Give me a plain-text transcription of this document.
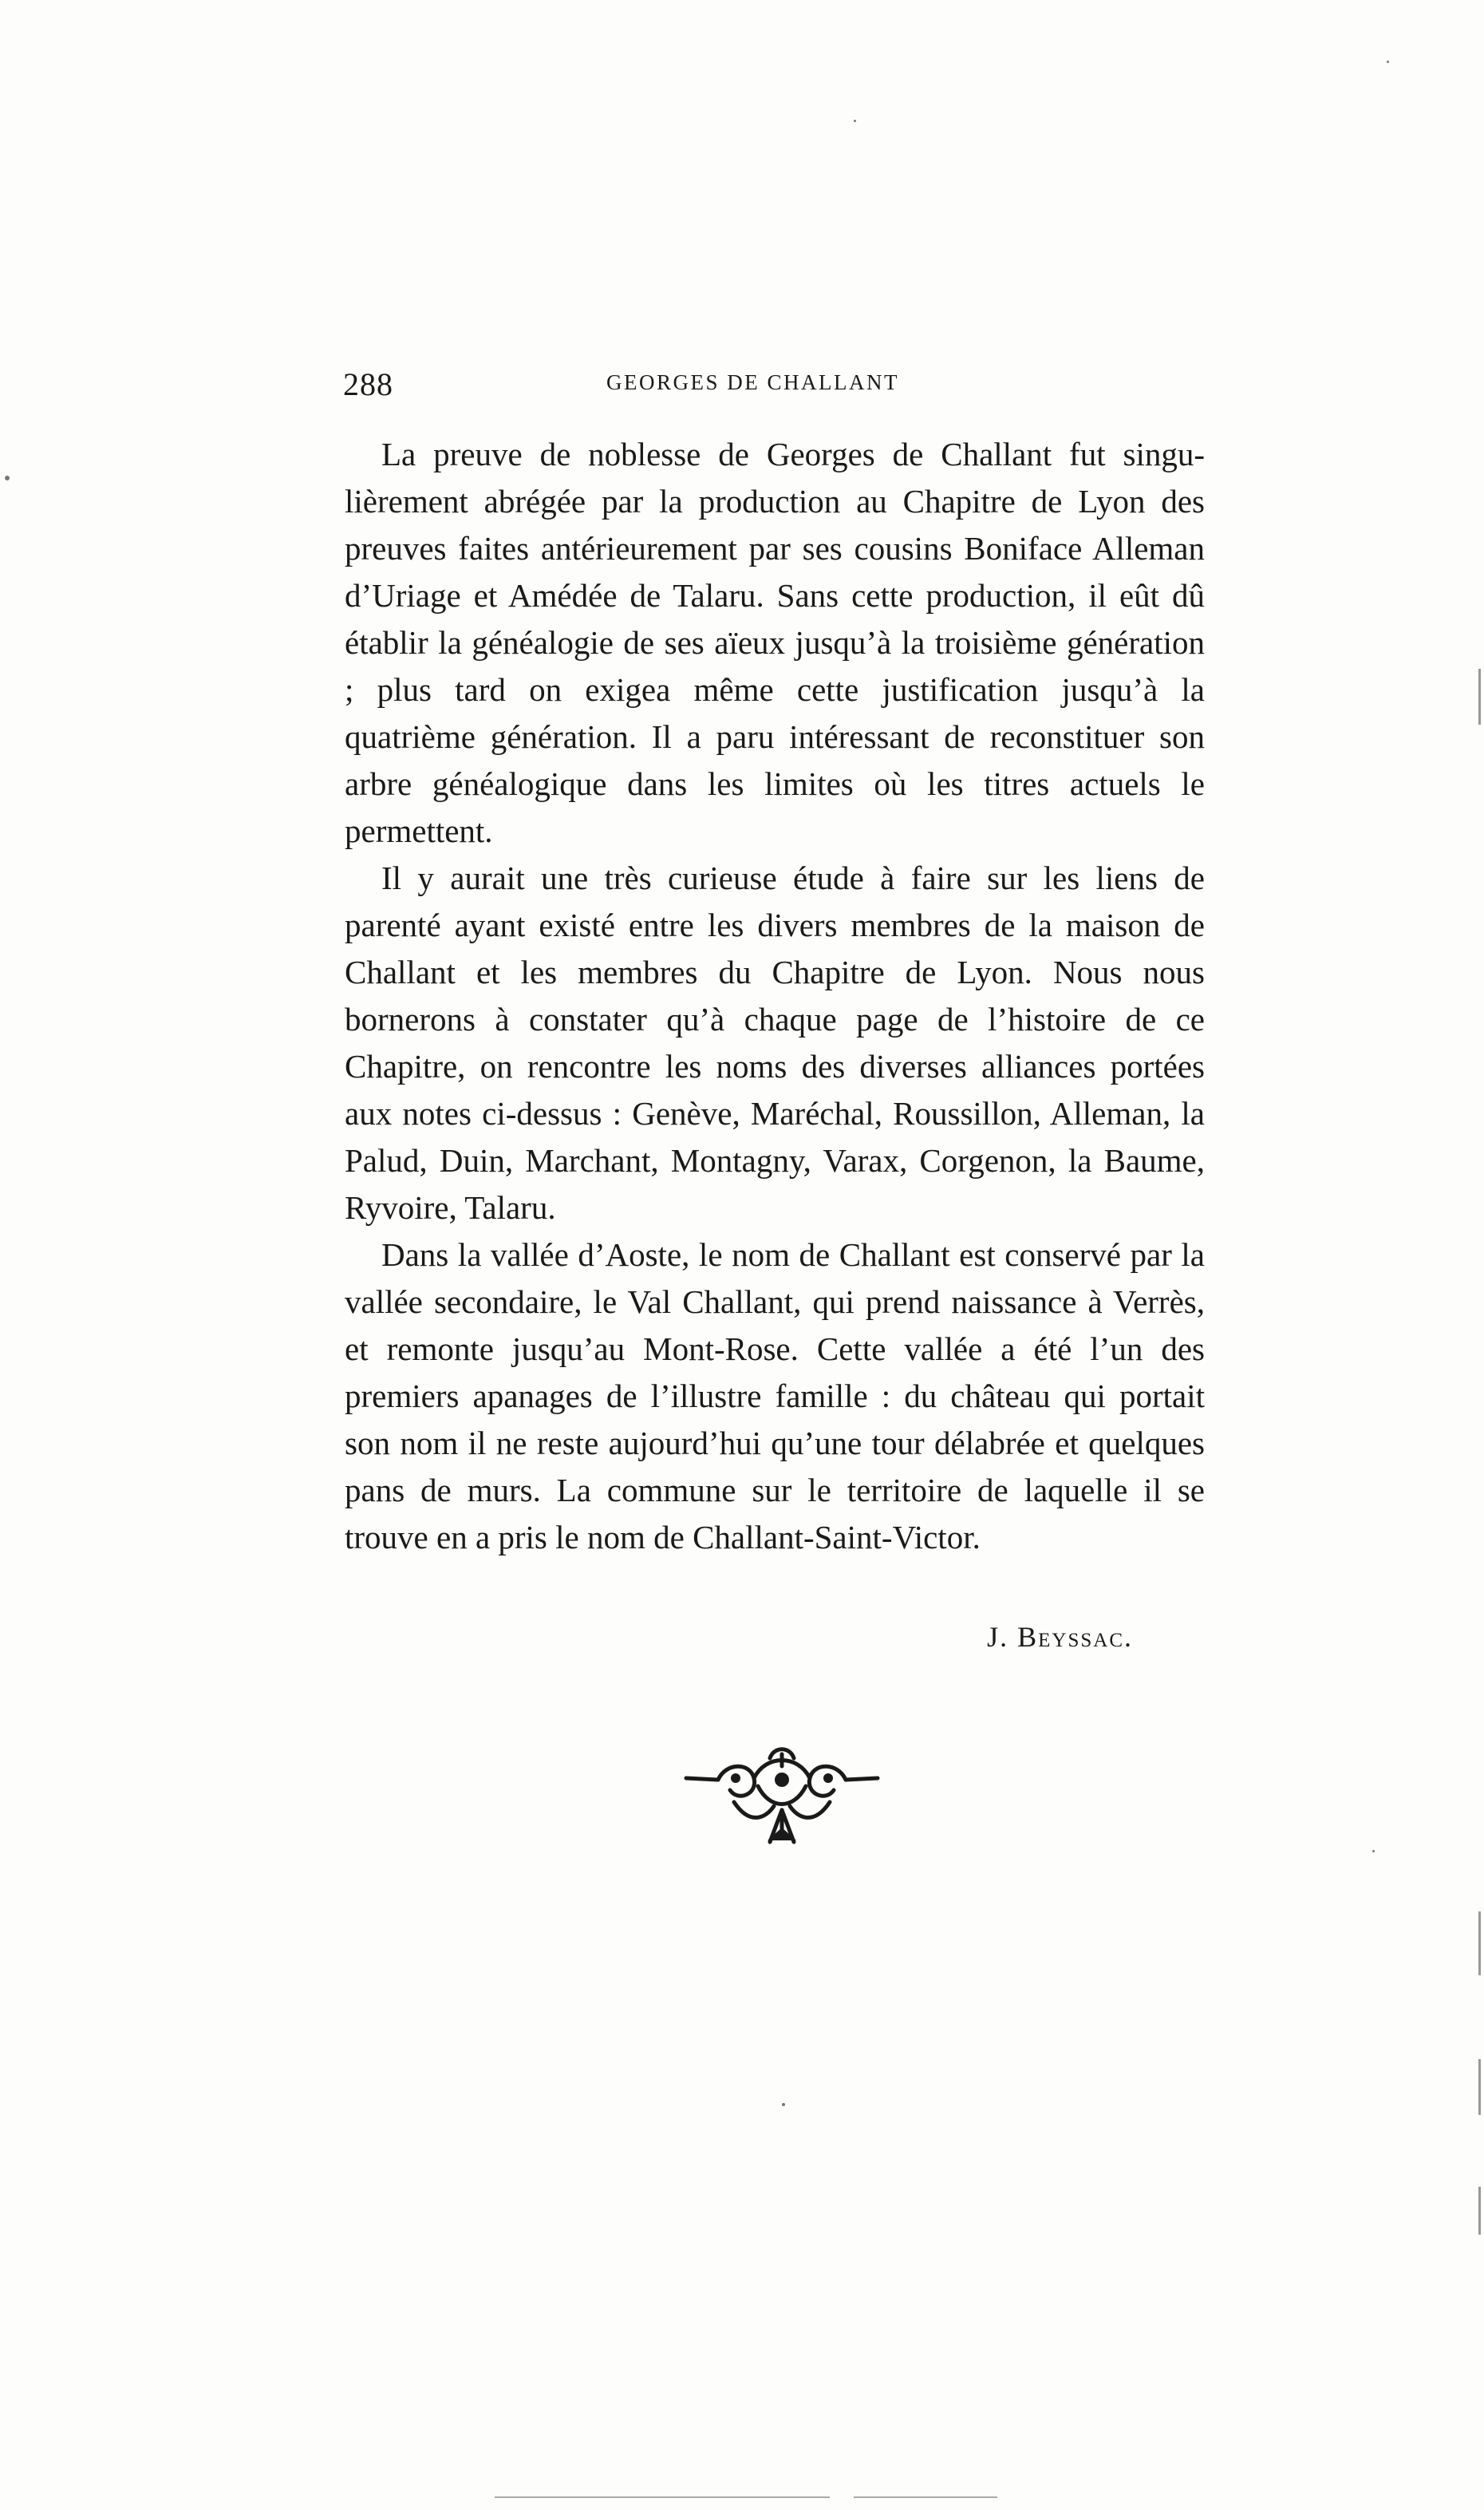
288	GEORGES DE CHALLANT

La preuve de noblesse de Georges de Challant fut singulièrement abrégée par la production au Chapitre de Lyon des preuves faites antérieurement par ses cousins Boniface Alleman d’Uriage et Amédée de Talaru. Sans cette production, il eût dû établir la généalogie de ses aïeux jusqu’à la troisième génération ; plus tard on exigea même cette justification jusqu’à la quatrième génération. Il a paru intéressant de reconstituer son arbre généalogique dans les limites où les titres actuels le permettent.

Il y aurait une très curieuse étude à faire sur les liens de parenté ayant existé entre les divers membres de la maison de Challant et les membres du Chapitre de Lyon. Nous nous bornerons à constater qu’à chaque page de l’histoire de ce Chapitre, on rencontre les noms des diverses alliances portées aux notes ci-dessus : Genève, Maréchal, Roussillon, Alleman, la Palud, Duin, Marchant, Montagny, Varax, Corgenon, la Baume, Ryvoire, Talaru.

Dans la vallée d’Aoste, le nom de Challant est conservé par la vallée secondaire, le Val Challant, qui prend naissance à Verrès, et remonte jusqu’au Mont-Rose. Cette vallée a été l’un des premiers apanages de l’illustre famille : du château qui portait son nom il ne reste aujourd’hui qu’une tour délabrée et quelques pans de murs. La commune sur le territoire de laquelle il se trouve en a pris le nom de Challant-Saint-Victor.

J. Beyssac.
